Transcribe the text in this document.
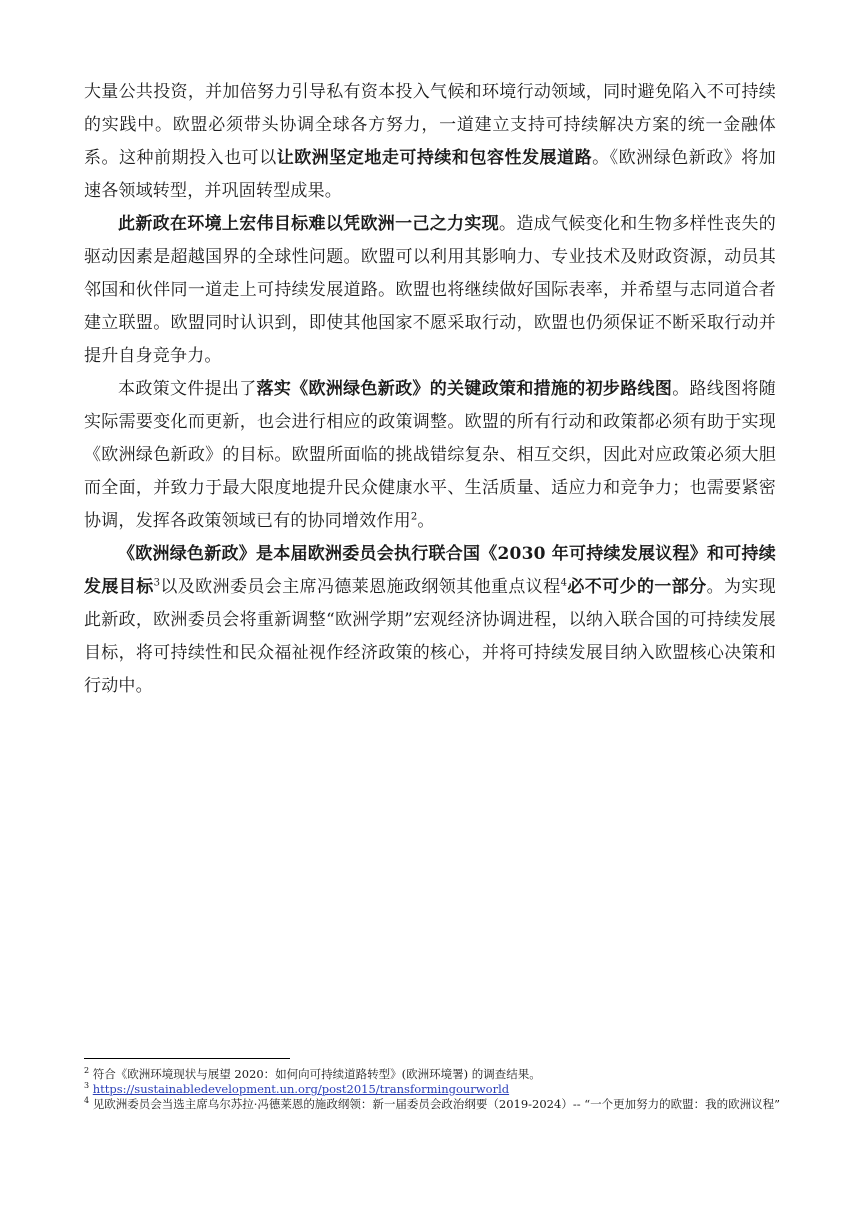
大量公共投资，并加倍努力引导私有资本投入气候和环境行动领域，同时避免陷入不可持续的实践中。欧盟必须带头协调全球各方努力，一道建立支持可持续解决方案的统一金融体系。这种前期投入也可以让欧洲坚定地走可持续和包容性发展道路。《欧洲绿色新政》将加速各领域转型，并巩固转型成果。

此新政在环境上宏伟目标难以凭欧洲一己之力实现。造成气候变化和生物多样性丧失的驱动因素是超越国界的全球性问题。欧盟可以利用其影响力、专业技术及财政资源，动员其邻国和伙伴同一道走上可持续发展道路。欧盟也将继续做好国际表率，并希望与志同道合者建立联盟。欧盟同时认识到，即使其他国家不愿采取行动，欧盟也仍须保证不断采取行动并提升自身竞争力。

本政策文件提出了落实《欧洲绿色新政》的关键政策和措施的初步路线图。路线图将随实际需要变化而更新，也会进行相应的政策调整。欧盟的所有行动和政策都必须有助于实现《欧洲绿色新政》的目标。欧盟所面临的挑战错综复杂、相互交织，因此对应政策必须大胆而全面，并致力于最大限度地提升民众健康水平、生活质量、适应力和竞争力；也需要紧密协调，发挥各政策领域已有的协同增效作用$^2$。

《欧洲绿色新政》是本届欧洲委员会执行联合国《2030 年可持续发展议程》和可持续发展目标$^3$以及欧洲委员会主席冯德莱恩施政纲领其他重点议程$^4$必不可少的一部分。为实现此新政，欧洲委员会将重新调整“欧洲学期”宏观经济协调进程，以纳入联合国的可持续发展目标，将可持续性和民众福祉视作经济政策的核心，并将可持续发展目纳入欧盟核心决策和行动中。

$^2$ 符合《欧洲环境现状与展望 2020：如何向可持续道路转型》(欧洲环境署) 的调查结果。

$^3$ https://sustainabledevelopment.un.org/post2015/transformingourworld

$^4$ 见欧洲委员会当选主席乌尔苏拉·冯德莱恩的施政纲领：新一届委员会政治纲要（2019-2024）-- “一个更加努力的欧盟：我的欧洲议程”
